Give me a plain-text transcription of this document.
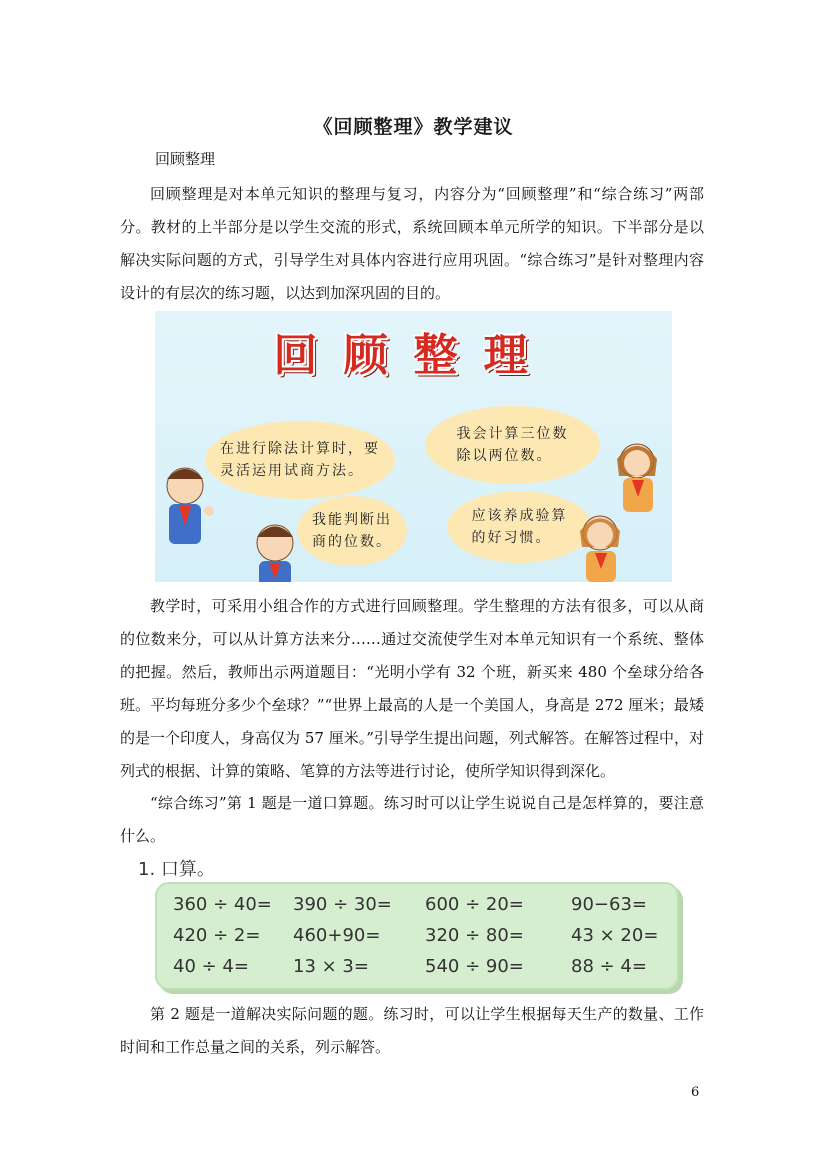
《回顾整理》教学建议
回顾整理

回顾整理是对本单元知识的整理与复习，内容分为“回顾整理”和“综合练习”两部分。教材的上半部分是以学生交流的形式，系统回顾本单元所学的知识。下半部分是以解决实际问题的方式，引导学生对具体内容进行应用巩固。“综合练习”是针对整理内容设计的有层次的练习题，以达到加深巩固的目的。

回顾整理
在进行除法计算时，要
灵活运用试商方法。
我会计算三位数
除以两位数。
我能判断出
商的位数。
应该养成验算
的好习惯。

教学时，可采用小组合作的方式进行回顾整理。学生整理的方法有很多，可以从商的位数来分，可以从计算方法来分……通过交流使学生对本单元知识有一个系统、整体的把握。然后，教师出示两道题目：“光明小学有 32 个班，新买来 480 个垒球分给各班。平均每班分多少个垒球？”“世界上最高的人是一个美国人，身高是 272 厘米；最矮的是一个印度人，身高仅为 57 厘米。”引导学生提出问题，列式解答。在解答过程中，对列式的根据、计算的策略、笔算的方法等进行讨论，使所学知识得到深化。

“综合练习”第 1 题是一道口算题。练习时可以让学生说说自己是怎样算的，要注意什么。

1. 口算。
360 ÷ 40= 390 ÷ 30= 600 ÷ 20=	90−63=
420 ÷ 2= 460+90= 320 ÷ 80=	43 × 20=
40 ÷ 4= 13 × 3=	540 ÷ 90=	88 ÷ 4=

第 2 题是一道解决实际问题的题。练习时，可以让学生根据每天生产的数量、工作时间和工作总量之间的关系，列示解答。

6
